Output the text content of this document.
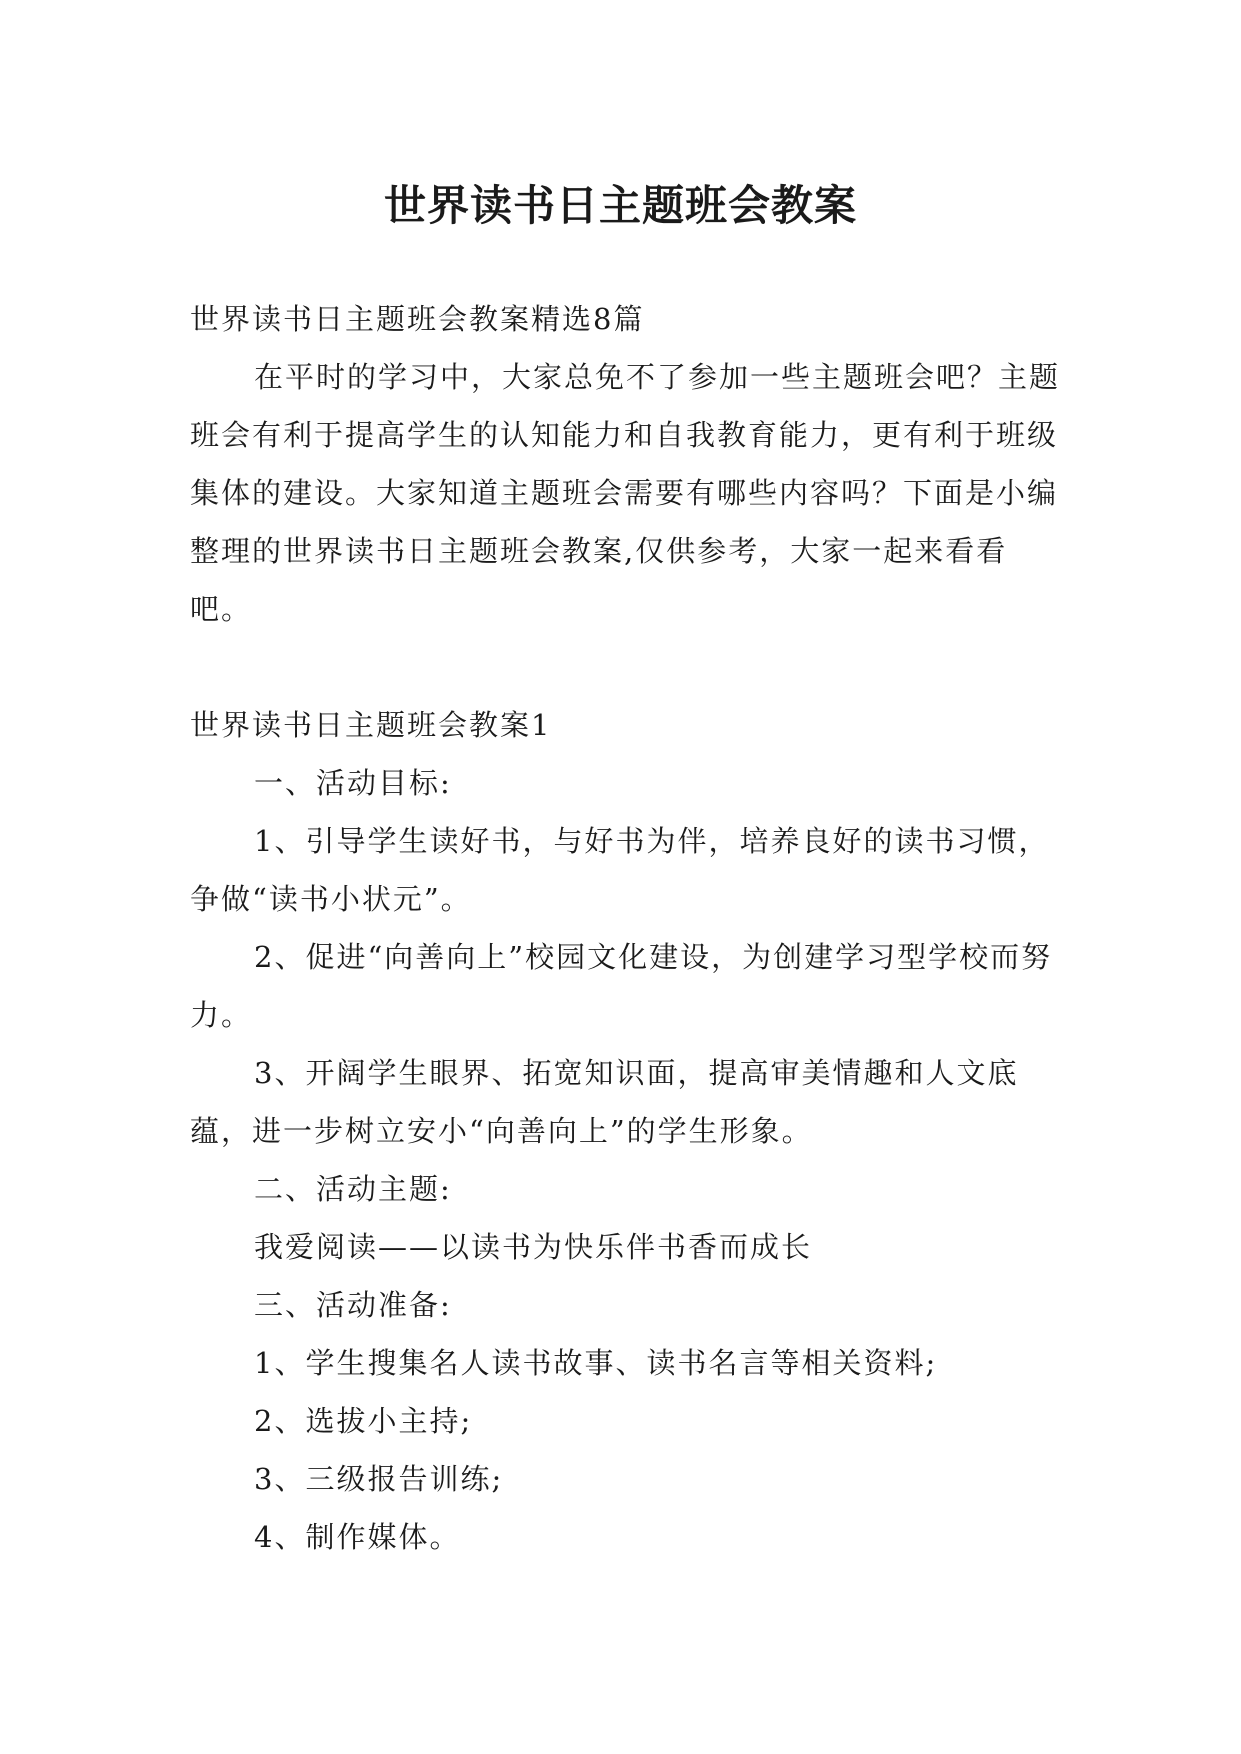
世界读书日主题班会教案

世界读书日主题班会教案精选8篇

在平时的学习中，大家总免不了参加一些主题班会吧？主题班会有利于提高学生的认知能力和自我教育能力，更有利于班级集体的建设。大家知道主题班会需要有哪些内容吗？下面是小编整理的世界读书日主题班会教案,仅供参考，大家一起来看看吧。

世界读书日主题班会教案1

一、活动目标:

1、引导学生读好书，与好书为伴，培养良好的读书习惯，争做“读书小状元”。

2、促进“向善向上”校园文化建设，为创建学习型学校而努力。

3、开阔学生眼界、拓宽知识面，提高审美情趣和人文底蕴，进一步树立安小“向善向上”的学生形象。

二、活动主题:

我爱阅读——以读书为快乐伴书香而成长

三、活动准备:

1、学生搜集名人读书故事、读书名言等相关资料;

2、选拔小主持;

3、三级报告训练;

4、制作媒体。
